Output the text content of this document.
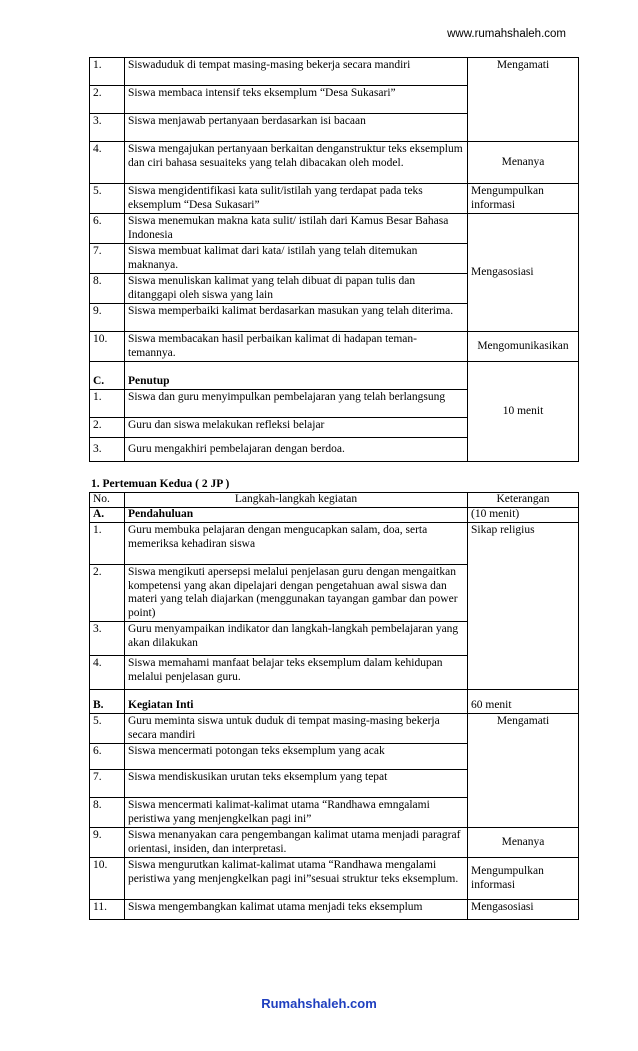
www.rumahshaleh.com
1.	Siswaduduk di tempat masing-masing bekerja secara mandiri	Mengamati
2.	Siswa membaca intensif teks eksemplum “Desa Sukasari”	
3.	Siswa menjawab pertanyaan berdasarkan isi bacaan	
4.	Siswa mengajukan pertanyaan berkaitan denganstruktur teks eksemplum dan ciri bahasa sesuaiteks yang telah dibacakan oleh model.	Menanya
5.	Siswa mengidentifikasi kata sulit/istilah yang terdapat pada teks eksemplum “Desa Sukasari”	Mengumpulkan informasi
6.	Siswa menemukan makna kata sulit/ istilah dari Kamus Besar Bahasa Indonesia	Mengasosiasi
7.	Siswa membuat kalimat dari kata/ istilah yang telah ditemukan maknanya.	
8.	Siswa menuliskan kalimat yang telah dibuat di papan tulis dan ditanggapi oleh siswa yang lain	
9.	Siswa memperbaiki kalimat berdasarkan masukan yang telah diterima.	
10.	Siswa membacakan hasil perbaikan kalimat di hadapan teman-temannya.	Mengomunikasikan
C.	Penutup	10 menit
1.	Siswa dan guru menyimpulkan pembelajaran yang telah berlangsung	
2.	Guru dan siswa melakukan refleksi belajar	
3.	Guru mengakhiri pembelajaran dengan berdoa.	
1. Pertemuan Kedua ( 2 JP )
No.	Langkah-langkah kegiatan	Keterangan
A.	Pendahuluan	(10 menit)
1.	Guru membuka pelajaran dengan mengucapkan salam, doa, serta memeriksa kehadiran siswa	Sikap religius
2.	Siswa mengikuti apersepsi melalui penjelasan guru dengan mengaitkan kompetensi yang akan dipelajari dengan pengetahuan awal siswa dan materi yang telah diajarkan (menggunakan tayangan gambar dan power point)	
3.	Guru menyampaikan indikator dan langkah-langkah pembelajaran yang akan dilakukan	
4.	Siswa memahami manfaat belajar teks eksemplum dalam kehidupan melalui penjelasan guru.	
B.	Kegiatan Inti	60 menit
5.	Guru meminta siswa untuk duduk di tempat masing-masing bekerja secara mandiri	Mengamati
6.	Siswa mencermati potongan teks eksemplum yang acak	
7.	Siswa mendiskusikan urutan teks eksemplum yang tepat	
8.	Siswa mencermati kalimat-kalimat utama “Randhawa emngalami peristiwa yang menjengkelkan pagi ini”	
9.	Siswa menanyakan cara pengembangan kalimat utama menjadi paragraf orientasi, insiden, dan interpretasi.	Menanya
10.	Siswa mengurutkan kalimat-kalimat utama “Randhawa mengalami peristiwa yang menjengkelkan pagi ini”sesuai struktur teks eksemplum.	Mengumpulkan informasi
11.	Siswa mengembangkan kalimat utama menjadi teks eksemplum	Mengasosiasi
Rumahshaleh.com
